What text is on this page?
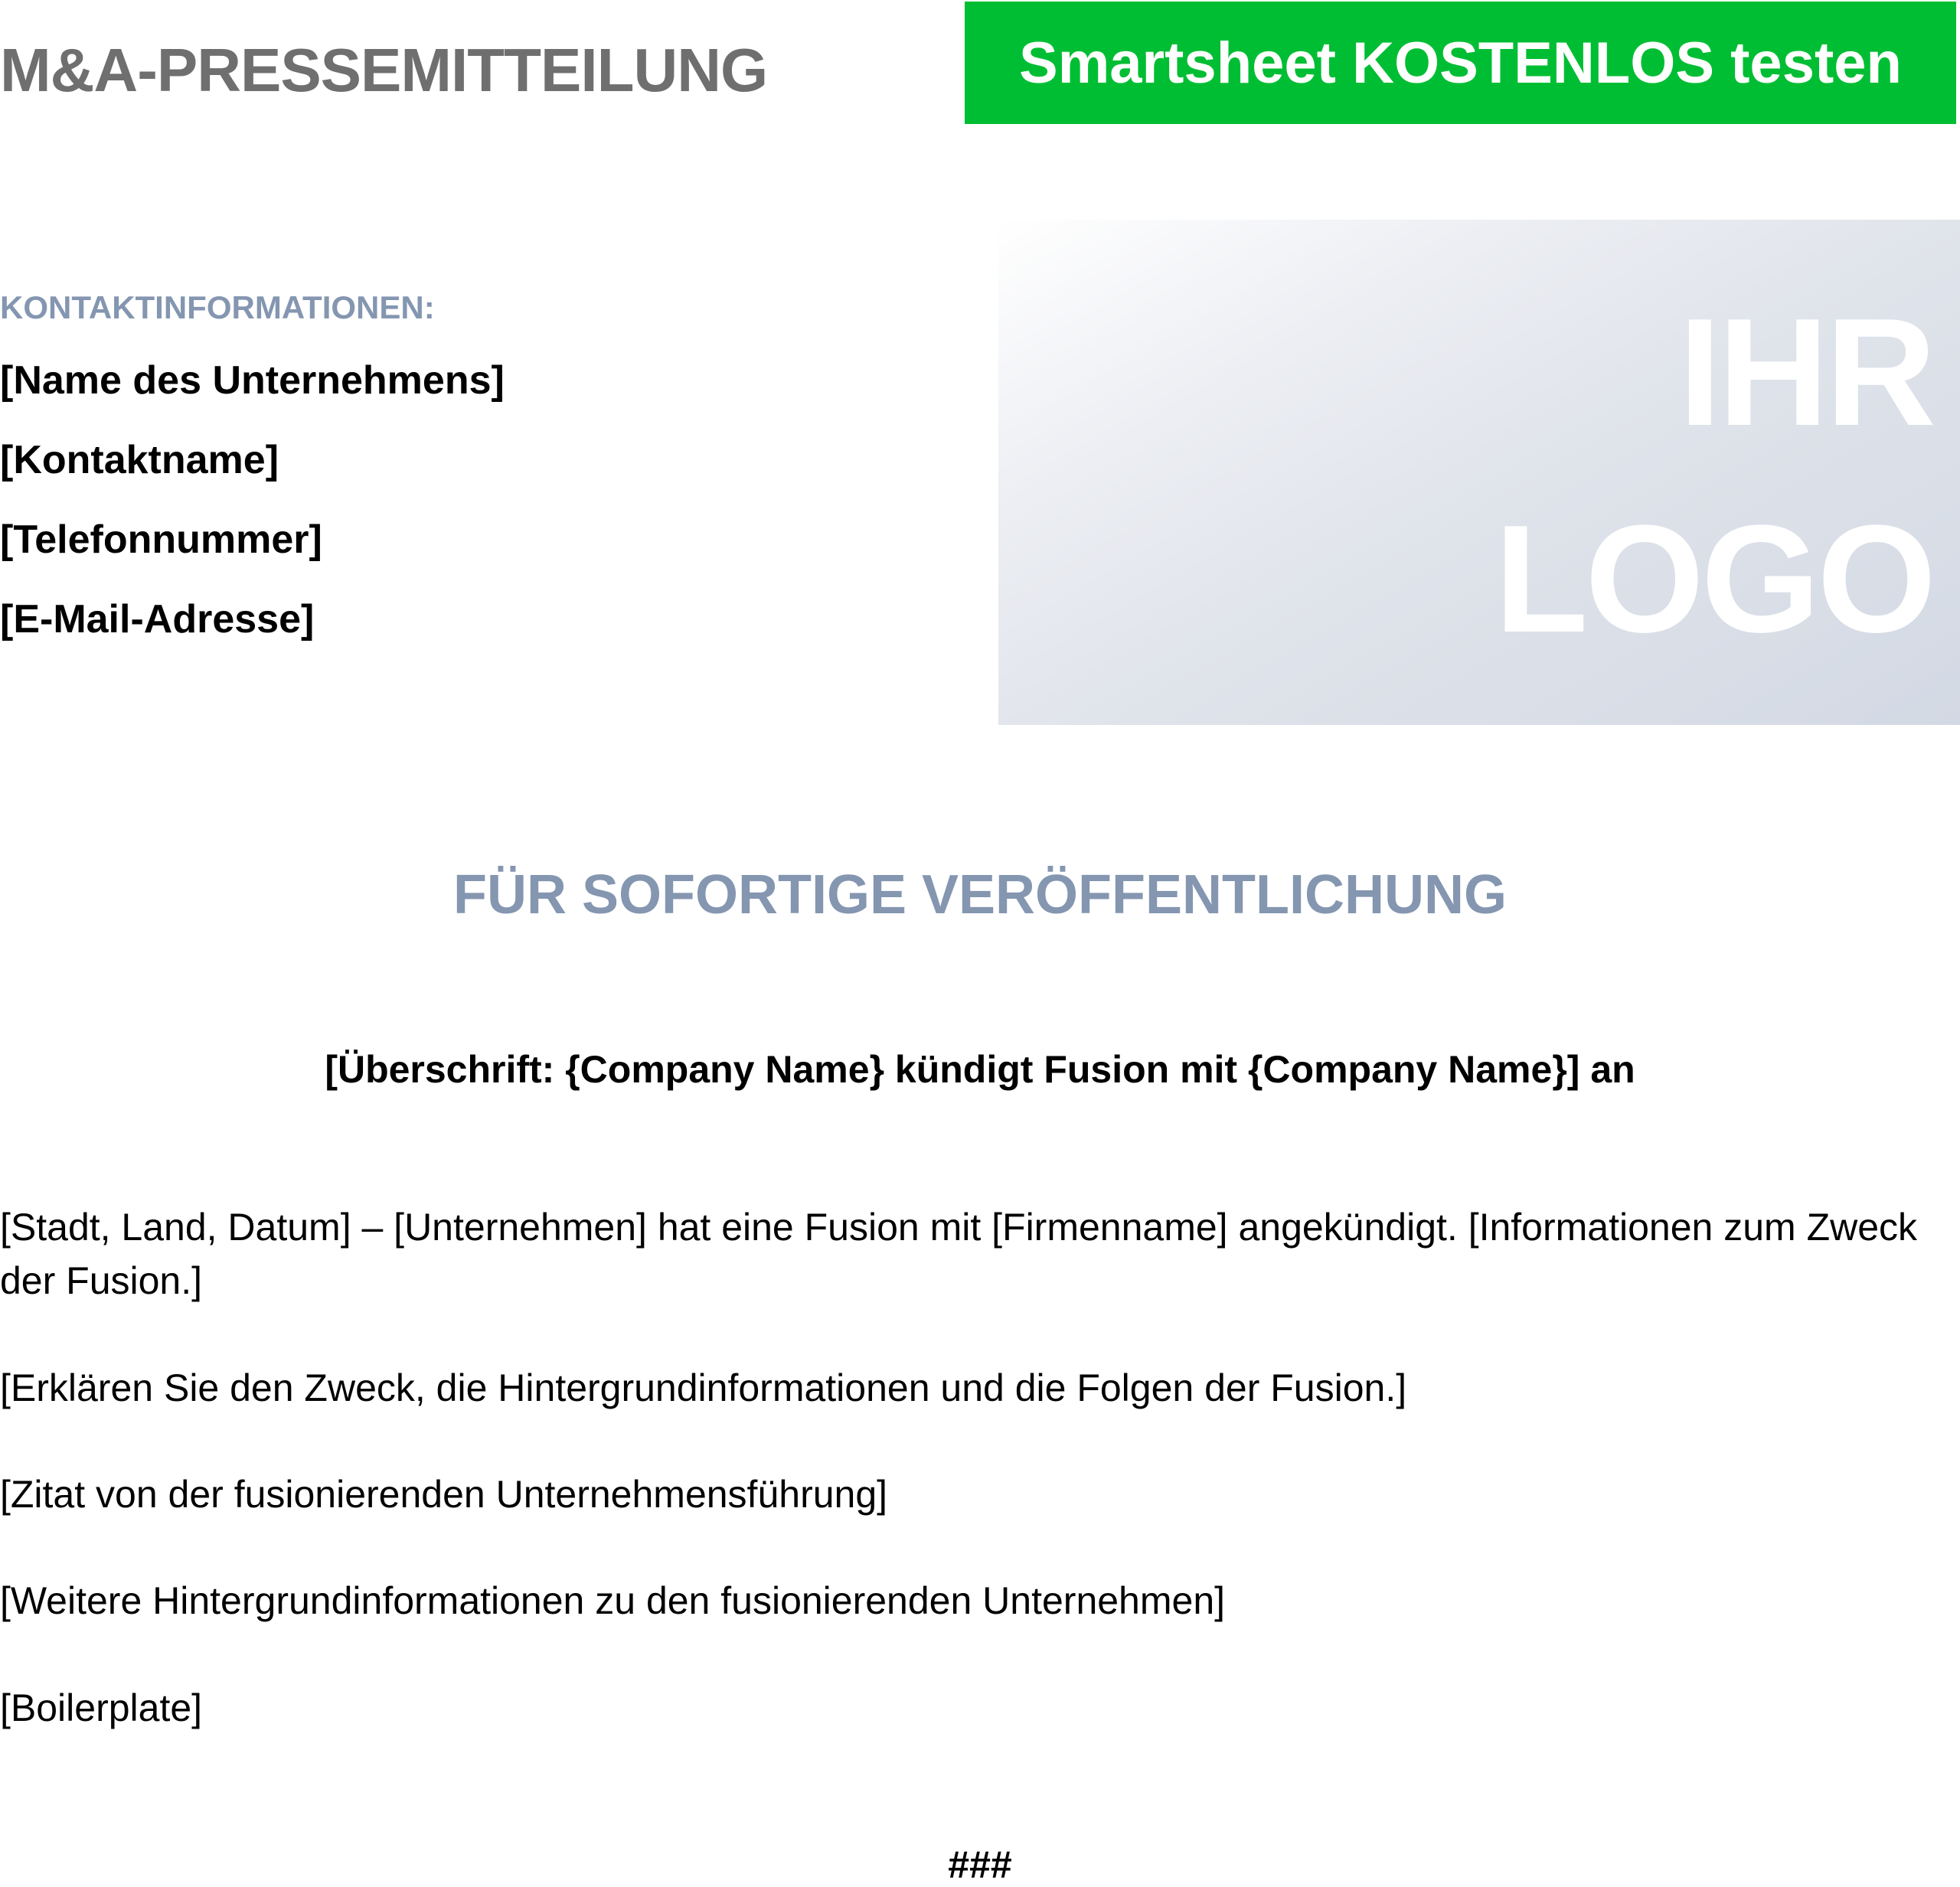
M&A-PRESSEMITTEILUNG	Smartsheet KOSTENLOS testen
IHR
LOGO
KONTAKTINFORMATIONEN:
[Name des Unternehmens]
[Kontaktname]
[Telefonnummer]
[E-Mail-Adresse]
FÜR SOFORTIGE VERÖFFENTLICHUNG
[Überschrift: {Company Name} kündigt Fusion mit {Company Name}] an

[Stadt, Land, Datum] – [Unternehmen] hat eine Fusion mit [Firmenname] angekündigt. [Informationen zum Zweck der Fusion.]

[Erklären Sie den Zweck, die Hintergrundinformationen und die Folgen der Fusion.]

[Zitat von der fusionierenden Unternehmensführung]

[Weitere Hintergrundinformationen zu den fusionierenden Unternehmen]

[Boilerplate]

###
